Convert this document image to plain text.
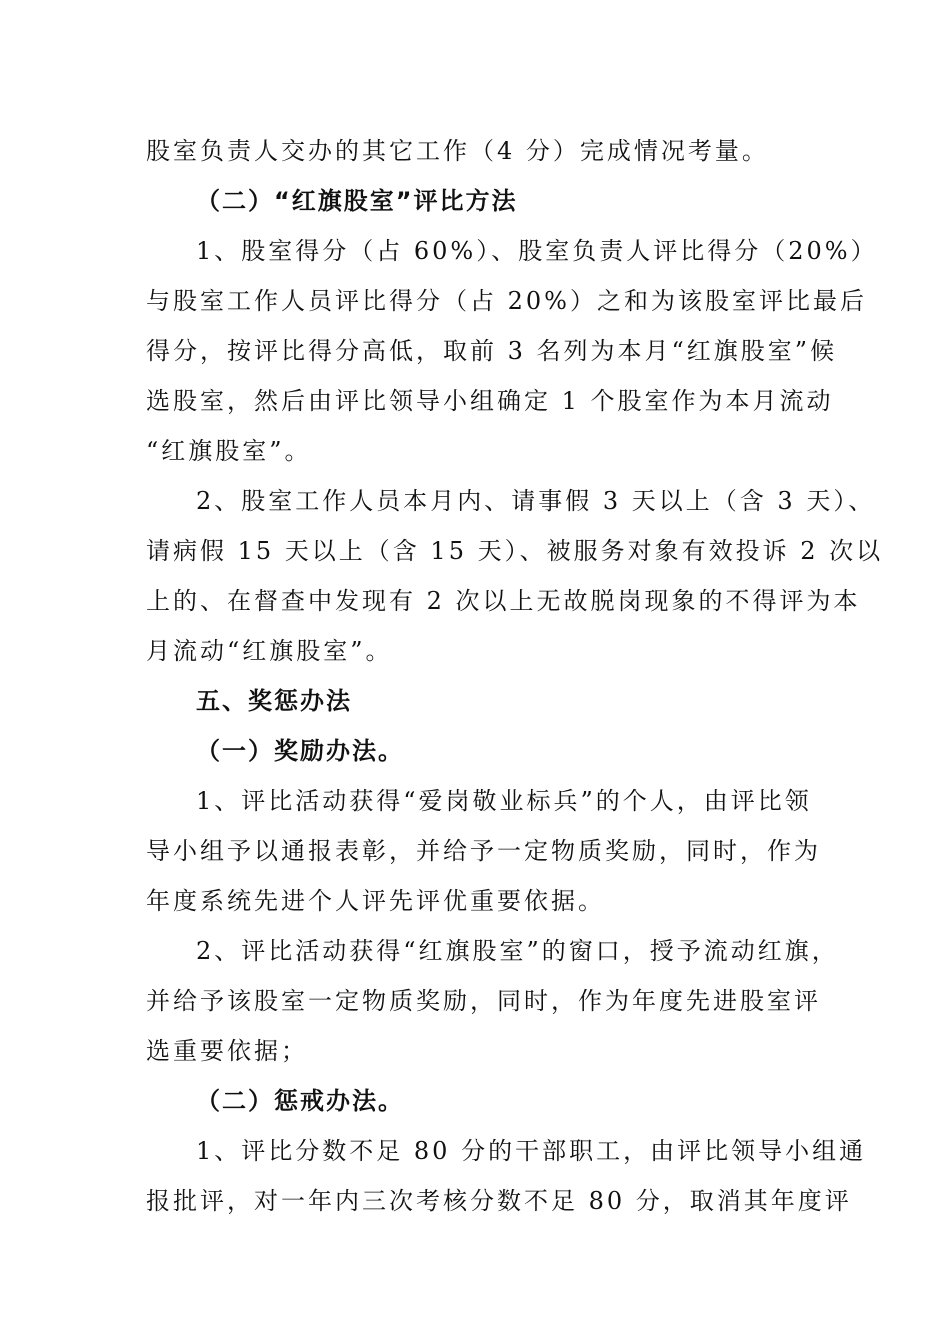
股室负责人交办的其它工作（4 分）完成情况考量。
（二）“红旗股室”评比方法
1、股室得分（占 60%）、股室负责人评比得分（20%）
与股室工作人员评比得分（占 20%）之和为该股室评比最后
得分，按评比得分高低，取前 3 名列为本月“红旗股室”候
选股室，然后由评比领导小组确定 1 个股室作为本月流动
“红旗股室”。
2、股室工作人员本月内、请事假 3 天以上（含 3 天）、
请病假 15 天以上（含 15 天）、被服务对象有效投诉 2 次以
上的、在督查中发现有 2 次以上无故脱岗现象的不得评为本
月流动“红旗股室”。
五、奖惩办法
（一）奖励办法。
1、评比活动获得“爱岗敬业标兵”的个人，由评比领
导小组予以通报表彰，并给予一定物质奖励，同时，作为
年度系统先进个人评先评优重要依据。
2、评比活动获得“红旗股室”的窗口，授予流动红旗，
并给予该股室一定物质奖励，同时，作为年度先进股室评
选重要依据；
（二）惩戒办法。
1、评比分数不足 80 分的干部职工，由评比领导小组通
报批评，对一年内三次考核分数不足 80 分，取消其年度评
